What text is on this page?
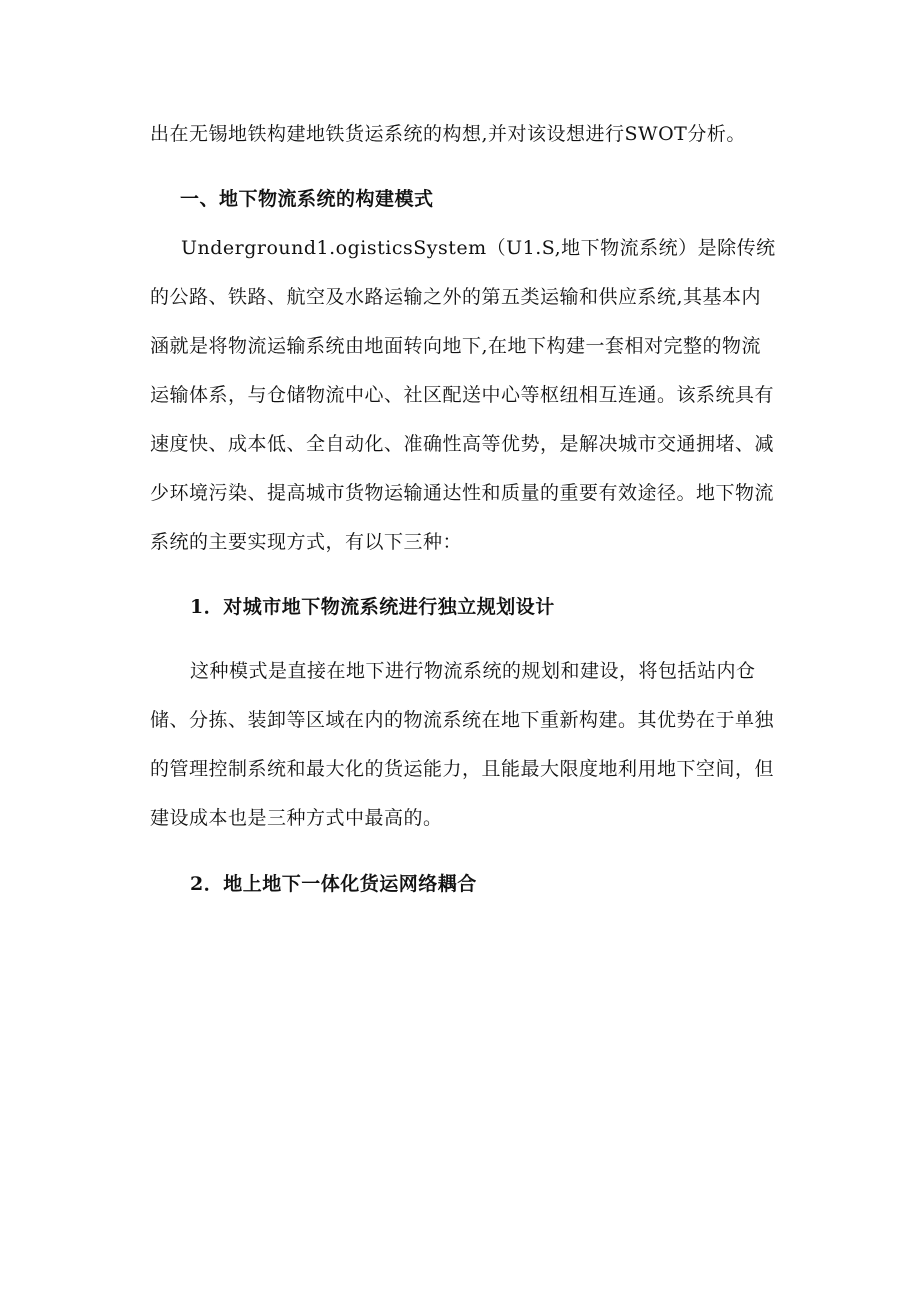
出在无锡地铁构建地铁货运系统的构想,并对该设想进行SWOT分析。
一、地下物流系统的构建模式
Underground1.ogisticsSystem（U1.S,地下物流系统）是除传统
的公路、铁路、航空及水路运输之外的第五类运输和供应系统,其基本内
涵就是将物流运输系统由地面转向地下,在地下构建一套相对完整的物流
运输体系，与仓储物流中心、社区配送中心等枢纽相互连通。该系统具有
速度快、成本低、全自动化、准确性高等优势，是解决城市交通拥堵、减
少环境污染、提高城市货物运输通达性和质量的重要有效途径。地下物流
系统的主要实现方式，有以下三种：
1．对城市地下物流系统进行独立规划设计
这种模式是直接在地下进行物流系统的规划和建设，将包括站内仓
储、分拣、装卸等区域在内的物流系统在地下重新构建。其优势在于单独
的管理控制系统和最大化的货运能力，且能最大限度地利用地下空间，但
建设成本也是三种方式中最高的。
2．地上地下一体化货运网络耦合
